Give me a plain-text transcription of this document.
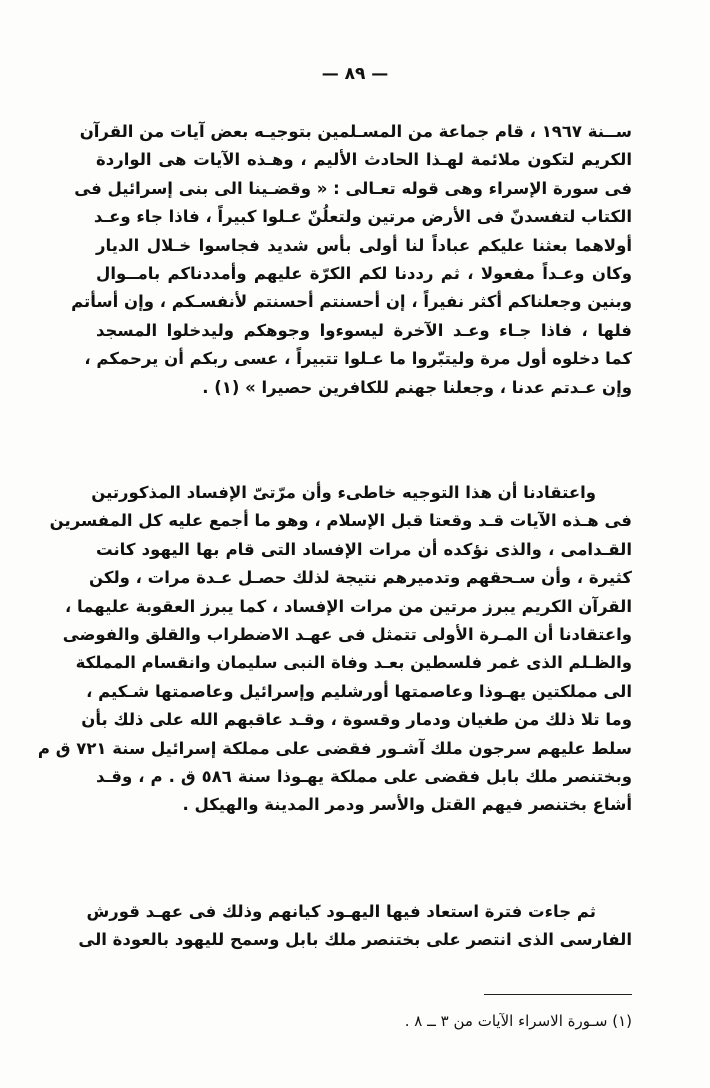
— ٨٩ —
ســنة ١٩٦٧ ، قام جماعة من المسـلمين بتوجيـه بعض آيات من القرآن
الكريم لتكون ملائمة لهـذا الحادث الأليم ، وهـذه الآيات هى الواردة
فى سورة الإسراء وهى قوله تعـالى : « وقضـينا الى بنى إسرائيل فى
الكتاب لتفسدنّ فى الأرض مرتين ولتعلُنّ عـلوا كبيراً ، فاذا جاء وعـد
أولاهما بعثنا عليكم عباداً لنا أولى بأس شديد فجاسوا خـلال الديار
وكان وعـداً مفعولا ، ثم رددنا لكم الكرّة عليهم وأمددناكم بامــوال
وبنين وجعلناكم أكثر نفيراً ، إن أحسنتم أحسنتم لأنفسـكم ، وإن أسأتم
فلها ، فاذا جـاء وعـد الآخرة ليسوءوا وجوهكم وليدخلوا المسجد
كما دخلوه أول مرة وليتبّروا ما عـلوا تتبيراً ، عسى ربكم أن يرحمكم ،
وإن عـدتم عدنا ، وجعلنا جهنم للكافرين حصيرا » (١) .
واعتقادنا أن هذا التوجيه خاطىء وأن مرّتىّ الإفساد المذكورتين
فى هـذه الآيات قـد وقعتا قبل الإسلام ، وهو ما أجمع عليه كل المفسرين
القـدامى ، والذى نؤكده أن مرات الإفساد التى قام بها اليهود كانت
كثيرة ، وأن سـحقهم وتدميرهم نتيجة لذلك حصـل عـدة مرات ، ولكن
القرآن الكريم يبرز مرتين من مرات الإفساد ، كما يبرز العقوبة عليهما ،
واعتقادنا أن المـرة الأولى تتمثل فى عهـد الاضطراب والقلق والفوضى
والظـلم الذى غمر فلسطين بعـد وفاة النبى سليمان وانقسام المملكة
الى مملكتين يهـوذا وعاصمتها أورشليم وإسرائيل وعاصمتها شـكيم ،
وما تلا ذلك من طغيان ودمار وقسوة ، وقـد عاقبهم الله على ذلك بأن
سلط عليهم سرجون ملك آشـور فقضى على مملكة إسرائيل سنة ٧٢١ ق م
وبختنصر ملك بابل فقضى على مملكة يهـوذا سنة ٥٨٦ ق . م ، وقـد
أشاع بختنصر فيهم القتل والأسر ودمر المدينة والهيكل .
ثم جاءت فترة استعاد فيها اليهـود كيانهم وذلك فى عهـد قورش
الفارسى الذى انتصر على بختنصر ملك بابل وسمح لليهود بالعودة الى
(١) سـورة الاسراء الآيات من ٣ ــ ٨ .
